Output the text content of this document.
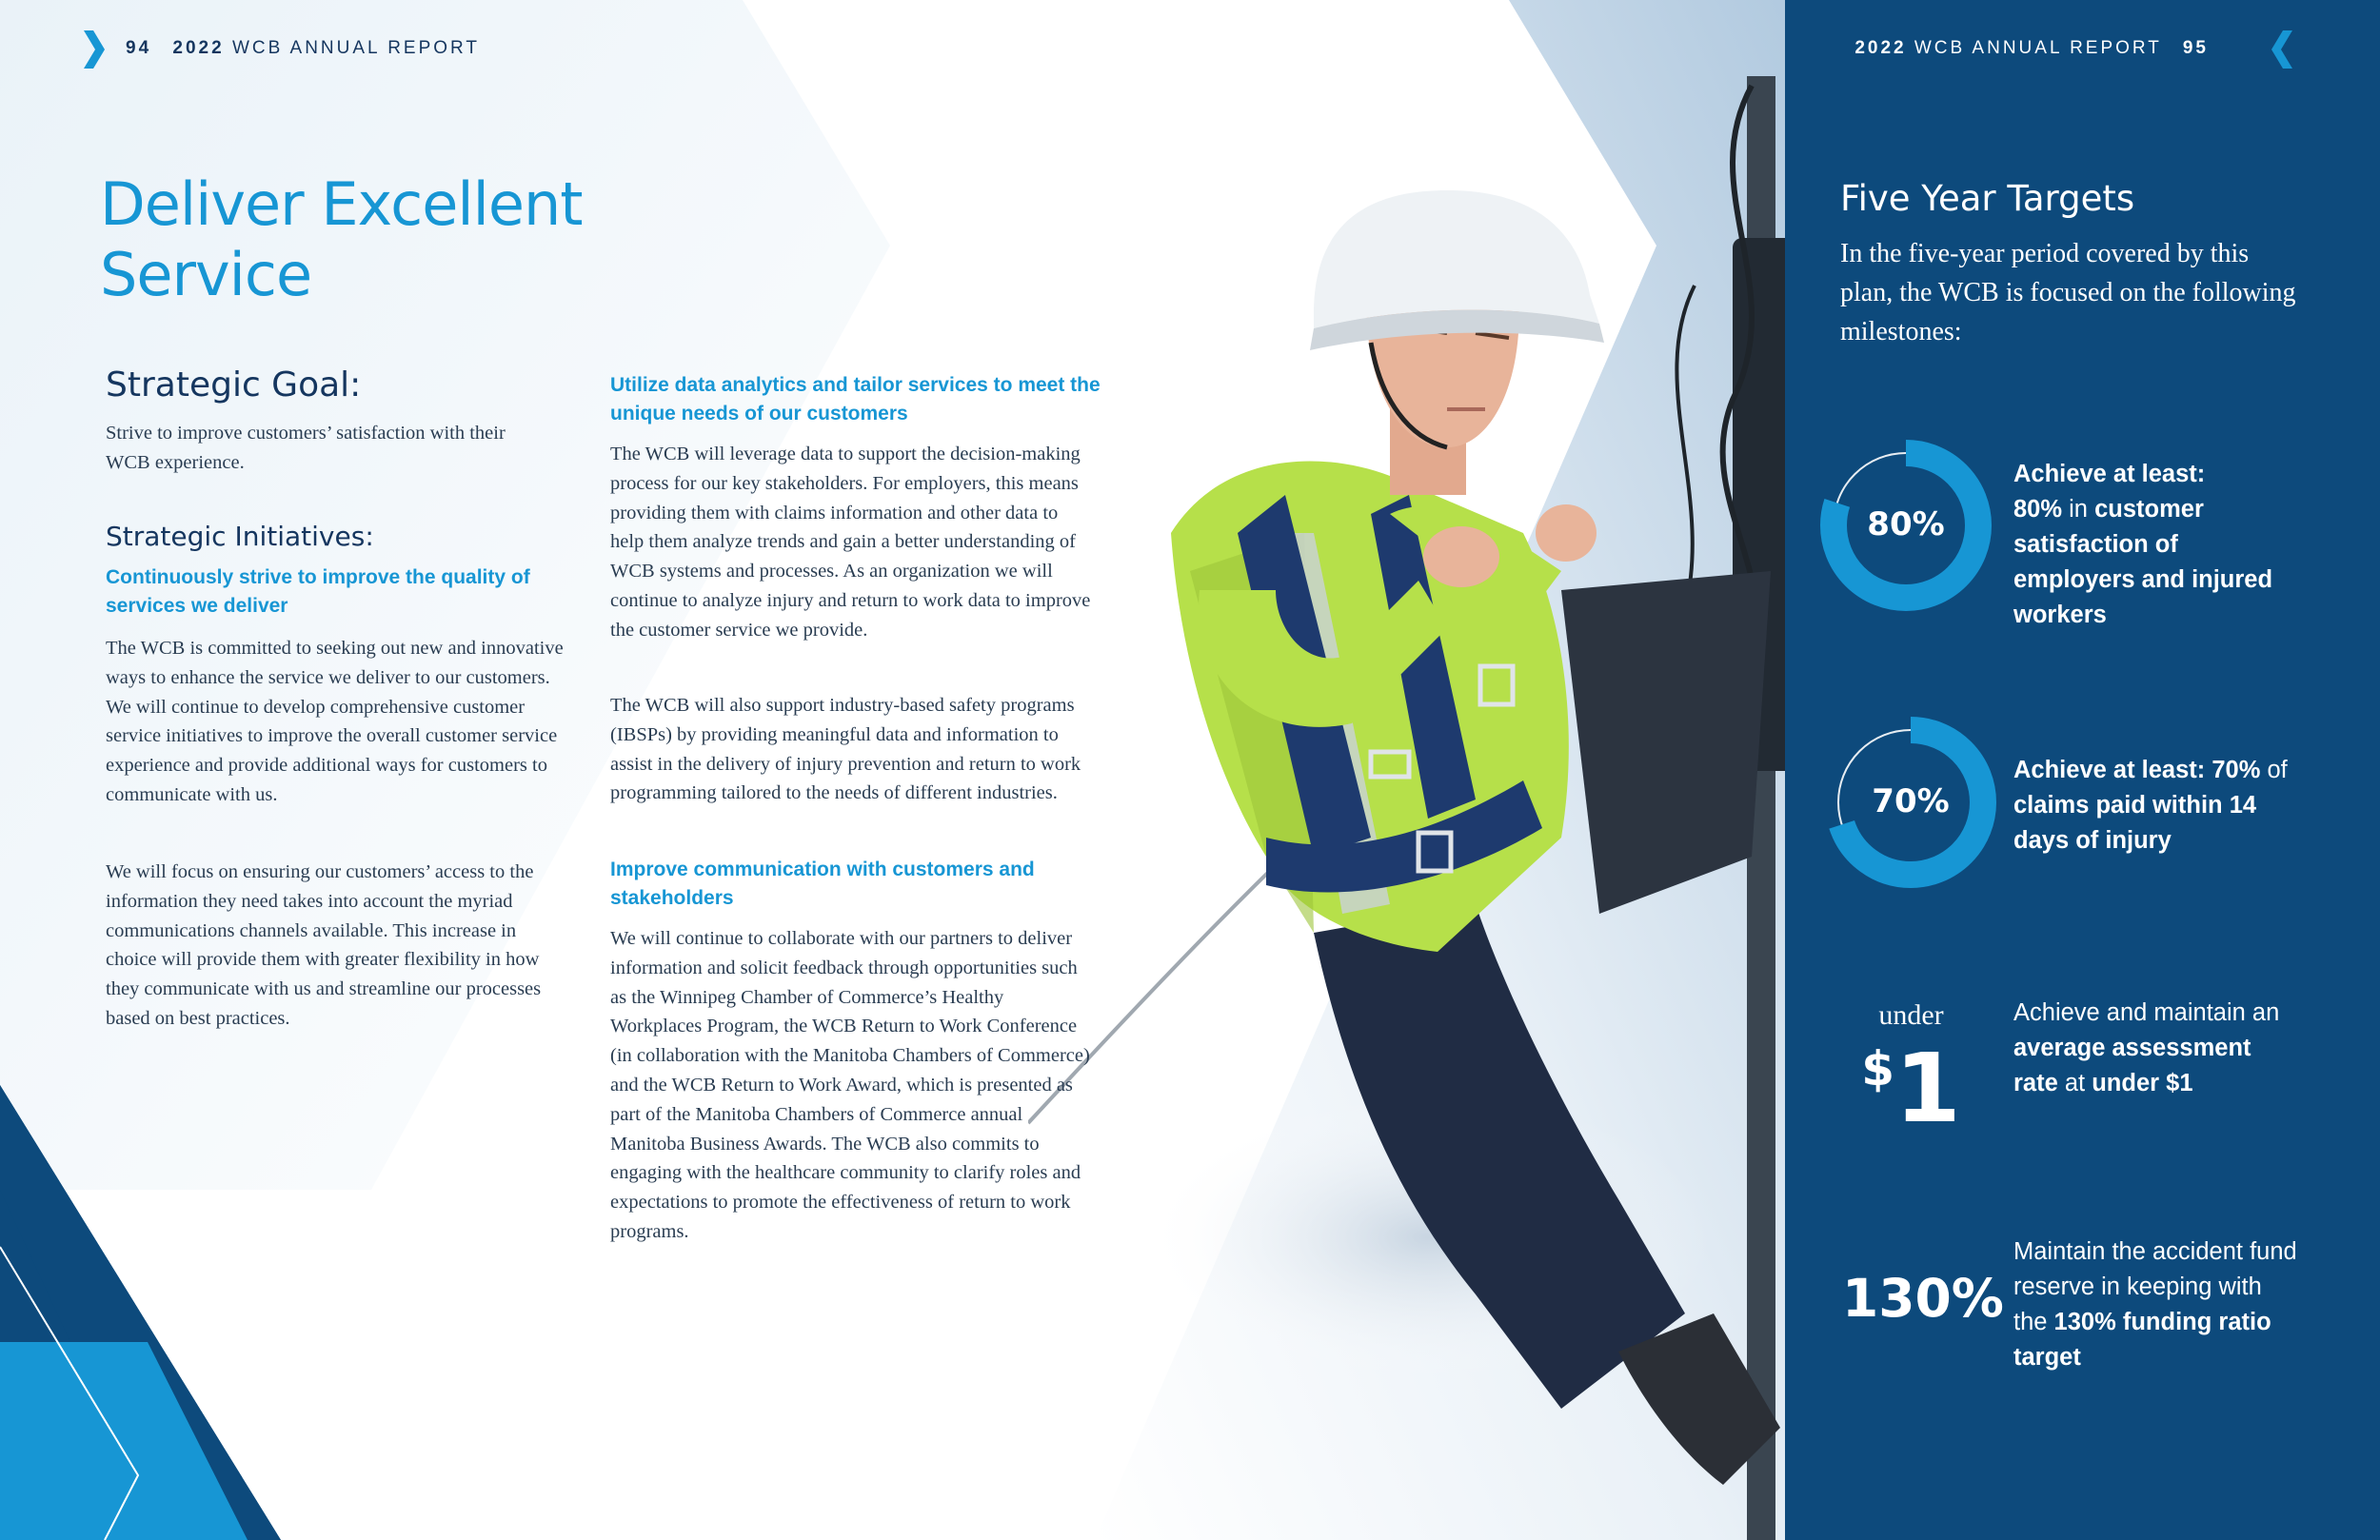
94 2022 WCB ANNUAL REPORT	2022 WCB ANNUAL REPORT 95
Deliver Excellent
Service
Strategic Goal:
Strive to improve customers’ satisfaction with their WCB experience.
Strategic Initiatives:
Continuously strive to improve the quality of services we deliver
The WCB is committed to seeking out new and innovative ways to enhance the service we deliver to our customers. We will continue to develop comprehensive customer service initiatives to improve the overall customer service experience and provide additional ways for customers to communicate with us.
We will focus on ensuring our customers’ access to the information they need takes into account the myriad communications channels available. This increase in choice will provide them with greater flexibility in how they communicate with us and streamline our processes based on best practices.
Utilize data analytics and tailor services to meet the unique needs of our customers
The WCB will leverage data to support the decision-making process for our key stakeholders. For employers, this means providing them with claims information and other data to help them analyze trends and gain a better understanding of WCB systems and processes. As an organization we will continue to analyze injury and return to work data to improve the customer service we provide.
The WCB will also support industry-based safety programs (IBSPs) by providing meaningful data and information to assist in the delivery of injury prevention and return to work programming tailored to the needs of different industries.
Improve communication with customers and stakeholders
We will continue to collaborate with our partners to deliver information and solicit feedback through opportunities such as the Winnipeg Chamber of Commerce’s Healthy Workplaces Program, the WCB Return to Work Conference (in collaboration with the Manitoba Chambers of Commerce) and the WCB Return to Work Award, which is presented as part of the Manitoba Chambers of Commerce annual Manitoba Business Awards. The WCB also commits to engaging with the healthcare community to clarify roles and expectations to promote the effectiveness of return to work programs.
Five Year Targets
In the five-year period covered by this plan, the WCB is focused on the following milestones:
80%
Achieve at least:
80% in customer satisfaction of employers and injured workers
70%
Achieve at least: 70% of claims paid within 14 days of injury
under
$1
Achieve and maintain an average assessment rate at under $1
130%
Maintain the accident fund reserve in keeping with the 130% funding ratio target
